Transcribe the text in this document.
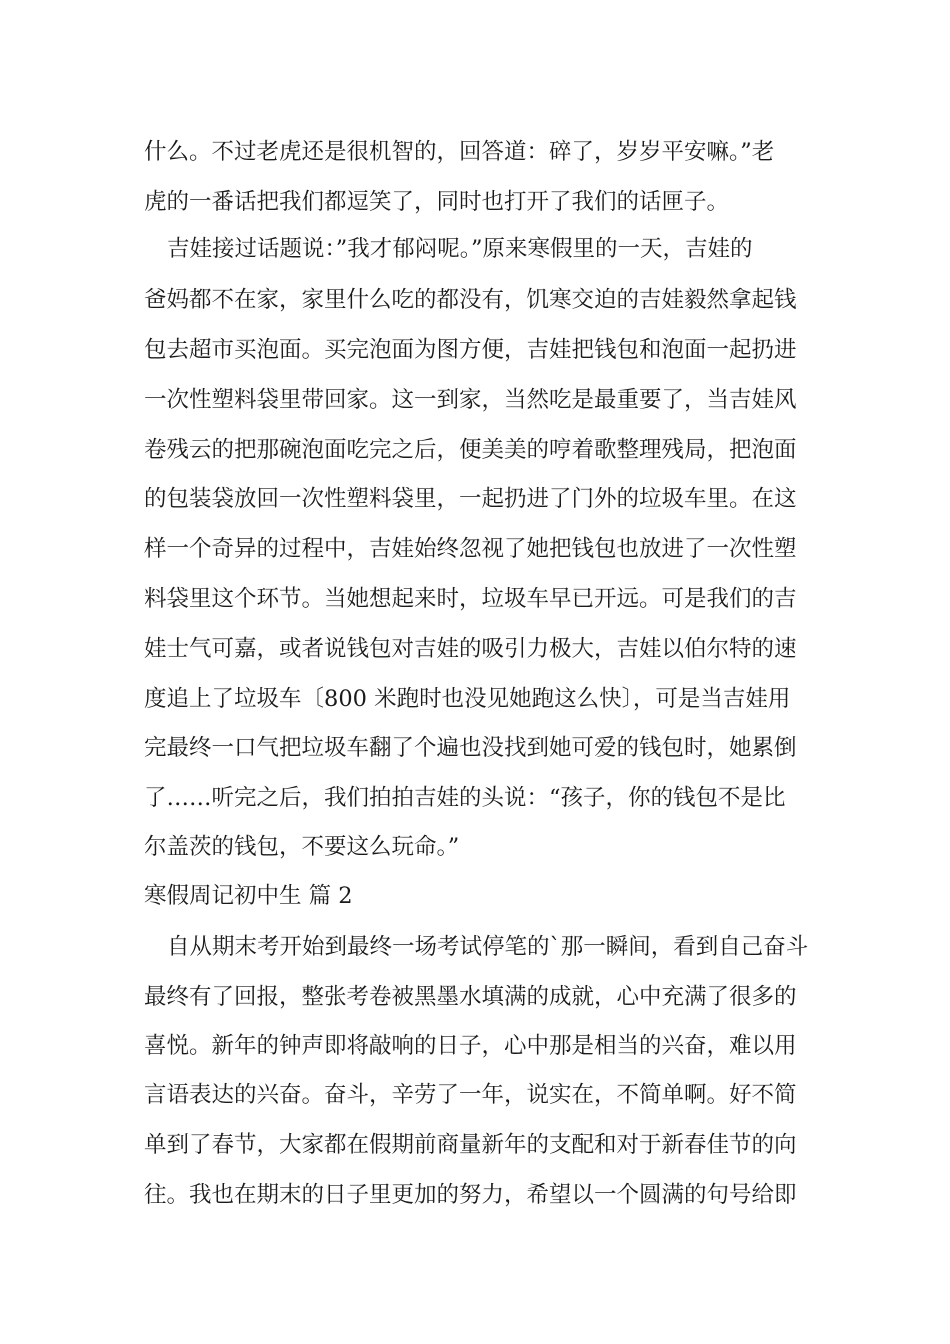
什么。不过老虎还是很机智的，回答道：碎了，岁岁平安嘛。”老
虎的一番话把我们都逗笑了，同时也打开了我们的话匣子。
吉娃接过话题说：”我才郁闷呢。”原来寒假里的一天，吉娃的
爸妈都不在家，家里什么吃的都没有，饥寒交迫的吉娃毅然拿起钱
包去超市买泡面。买完泡面为图方便，吉娃把钱包和泡面一起扔进
一次性塑料袋里带回家。这一到家，当然吃是最重要了，当吉娃风
卷残云的把那碗泡面吃完之后，便美美的哼着歌整理残局，把泡面
的包装袋放回一次性塑料袋里，一起扔进了门外的垃圾车里。在这
样一个奇异的过程中，吉娃始终忽视了她把钱包也放进了一次性塑
料袋里这个环节。当她想起来时，垃圾车早已开远。可是我们的吉
娃士气可嘉，或者说钱包对吉娃的吸引力极大，吉娃以伯尔特的速
度追上了垃圾车〔800 米跑时也没见她跑这么快〕，可是当吉娃用
完最终一口气把垃圾车翻了个遍也没找到她可爱的钱包时，她累倒
了……听完之后，我们拍拍吉娃的头说：“孩子，你的钱包不是比
尔盖茨的钱包，不要这么玩命。”
寒假周记初中生 篇 2
自从期末考开始到最终一场考试停笔的`那一瞬间，看到自己奋斗
最终有了回报，整张考卷被黑墨水填满的成就，心中充满了很多的
喜悦。新年的钟声即将敲响的日子，心中那是相当的兴奋，难以用
言语表达的兴奋。奋斗，辛劳了一年，说实在，不简单啊。好不简
单到了春节，大家都在假期前商量新年的支配和对于新春佳节的向
往。我也在期末的日子里更加的努力，希望以一个圆满的句号给即
